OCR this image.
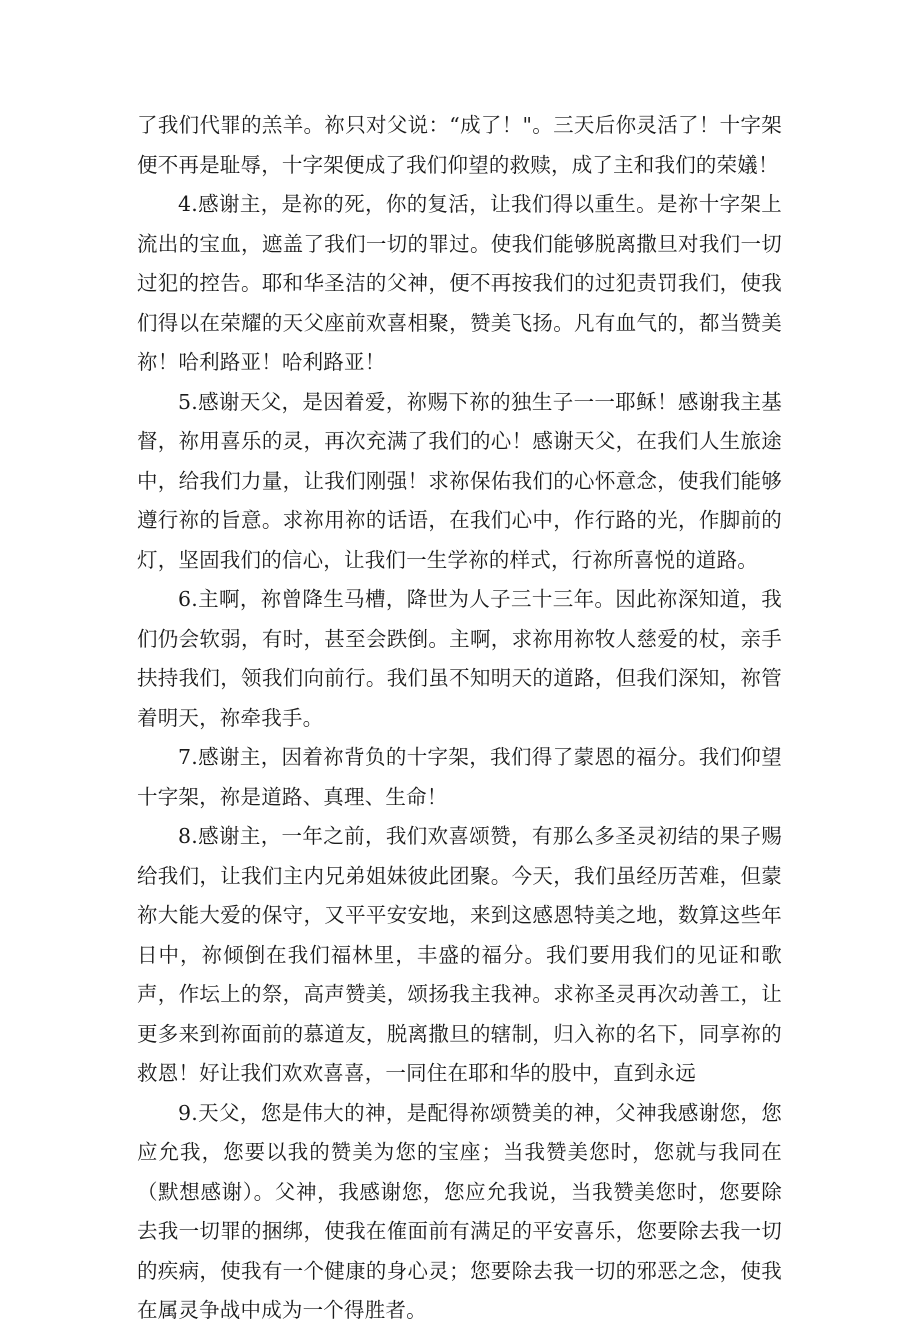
了我们代罪的羔羊。祢只对父说：“成了！"。三天后你灵活了！十字架便不再是耻辱，十字架便成了我们仰望的救赎，成了主和我们的荣嬟！

4.感谢主，是祢的死，你的复活，让我们得以重生。是祢十字架上流出的宝血，遮盖了我们一切的罪过。使我们能够脱离撒旦对我们一切过犯的控告。耶和华圣洁的父神，便不再按我们的过犯责罚我们，使我们得以在荣耀的天父座前欢喜相聚，赞美飞扬。凡有血气的，都当赞美祢！哈利路亚！哈利路亚！

5.感谢天父，是因着爱，祢赐下祢的独生子一一耶稣！感谢我主基督，祢用喜乐的灵，再次充满了我们的心！感谢天父，在我们人生旅途中，给我们力量，让我们刚强！求祢保佑我们的心怀意念，使我们能够遵行祢的旨意。求祢用祢的话语，在我们心中，作行路的光，作脚前的灯，坚固我们的信心，让我们一生学祢的样式，行祢所喜悦的道路。

6.主啊，祢曾降生马槽，降世为人子三十三年。因此祢深知道，我们仍会软弱，有时，甚至会跌倒。主啊，求祢用祢牧人慈爱的杖，亲手扶持我们，领我们向前行。我们虽不知明天的道路，但我们深知，祢管着明天，祢牵我手。

7.感谢主，因着祢背负的十字架，我们得了蒙恩的福分。我们仰望十字架，祢是道路、真理、生命！

8.感谢主，一年之前，我们欢喜颂赞，有那么多圣灵初结的果子赐给我们，让我们主内兄弟姐妹彼此团聚。今天，我们虽经历苦难，但蒙祢大能大爱的保守，又平平安安地，来到这感恩特美之地，数算这些年日中，祢倾倒在我们福林里，丰盛的福分。我们要用我们的见证和歌声，作坛上的祭，高声赞美，颂扬我主我神。求祢圣灵再次动善工，让更多来到祢面前的慕道友，脱离撒旦的辖制，归入祢的名下，同享祢的救恩！好让我们欢欢喜喜，一同住在耶和华的股中，直到永远

9.天父，您是伟大的神，是配得祢颂赞美的神，父神我感谢您，您应允我，您要以我的赞美为您的宝座；当我赞美您时，您就与我同在（默想感谢）。父神，我感谢您，您应允我说，当我赞美您时，您要除去我一切罪的捆绑，使我在傕面前有满足的平安喜乐，您要除去我一切的疾病，使我有一个健康的身心灵；您要除去我一切的邪恶之念，使我在属灵争战中成为一个得胜者。
